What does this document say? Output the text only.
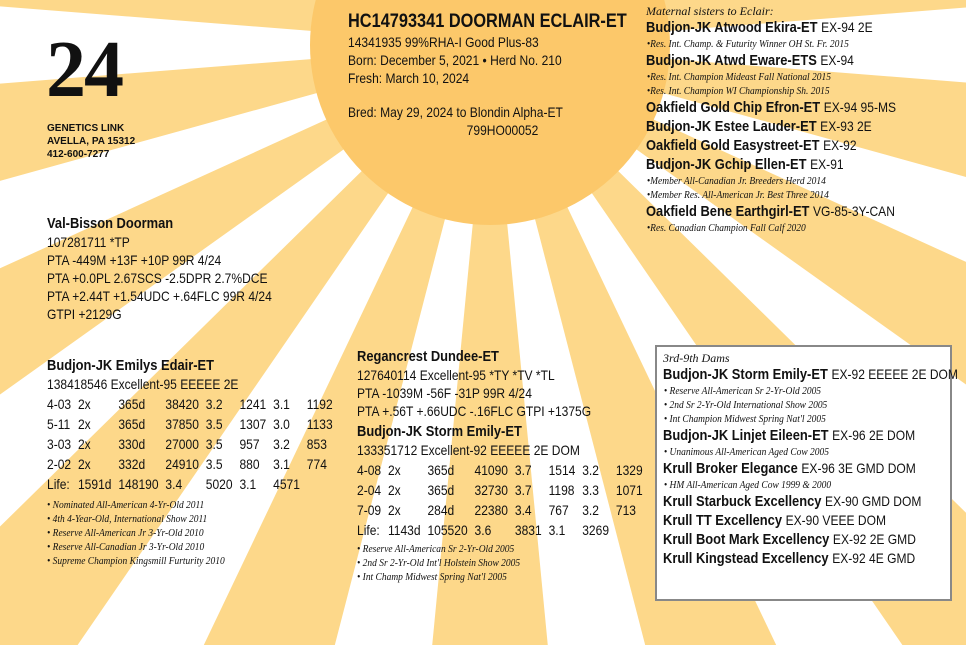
24
GENETICS LINK
AVELLA, PA 15312
412-600-7277
HC14793341 DOORMAN ECLAIR-ET
14341935 99%RHA-I Good Plus-83
Born: December 5, 2021 • Herd No. 210
Fresh: March 10, 2024
Bred: May 29, 2024 to Blondin Alpha-ET
799HO00052
Val-Bisson Doorman
107281711 *TP
PTA -449M +13F +10P 99R 4/24
PTA +0.0PL 2.67SCS -2.5DPR 2.7%DCE
PTA +2.44T +1.54UDC +.64FLC 99R 4/24
GTPI +2129G
Budjon-JK Emilys Edair-ET
138418546 Excellent-95 EEEEE 2E
4-03	2x	365d	38420	3.2	1241	3.1	1192
5-11	2x	365d	37850	3.5	1307	3.0	1133
3-03	2x	330d	27000	3.5	957	3.2	853
2-02	2x	332d	24910	3.5	880	3.1	774
Life:	1591d	148190	3.4	5020	3.1	4571	
• Nominated All-American 4-Yr-Old 2011
• 4th 4-Year-Old, International Show 2011
• Reserve All-American Jr 3-Yr-Old 2010
• Reserve All-Canadian Jr 3-Yr-Old 2010
• Supreme Champion Kingsmill Furturity 2010
Regancrest Dundee-ET
127640114 Excellent-95 *TY *TV *TL
PTA -1039M -56F -31P 99R 4/24
PTA +.56T +.66UDC -.16FLC GTPI +1375G
Budjon-JK Storm Emily-ET
133351712 Excellent-92 EEEEE 2E DOM
4-08	2x	365d	41090	3.7	1514	3.2	1329
2-04	2x	365d	32730	3.7	1198	3.3	1071
7-09	2x	284d	22380	3.4	767	3.2	713
Life:	1143d	105520	3.6	3831	3.1	3269	
• Reserve All-American Sr 2-Yr-Old 2005
• 2nd Sr 2-Yr-Old Int'l Holstein Show 2005
• Int Champ Midwest Spring Nat'l 2005
Maternal sisters to Eclair:
Budjon-JK Atwood Ekira-ET EX-94 2E
•Res. Int. Champ. & Futurity Winner OH St. Fr. 2015
Budjon-JK Atwd Eware-ETS EX-94
•Res. Int. Champion Mideast Fall National 2015
•Res. Int. Champion WI Championship Sh. 2015
Oakfield Gold Chip Efron-ET EX-94 95-MS
Budjon-JK Estee Lauder-ET EX-93 2E
Oakfield Gold Easystreet-ET EX-92
Budjon-JK Gchip Ellen-ET EX-91
•Member All-Canadian Jr. Breeders Herd 2014
•Member Res. All-American Jr. Best Three 2014
Oakfield Bene Earthgirl-ET VG-85-3Y-CAN
•Res. Canadian Champion Fall Calf 2020
3rd-9th Dams
Budjon-JK Storm Emily-ET EX-92 EEEEE 2E DOM
• Reserve All-American Sr 2-Yr-Old 2005
• 2nd Sr 2-Yr-Old International Show 2005
• Int Champion Midwest Spring Nat'l 2005
Budjon-JK Linjet Eileen-ET EX-96 2E DOM
• Unanimous All-American Aged Cow 2005
Krull Broker Elegance EX-96 3E GMD DOM
• HM All-American Aged Cow 1999 & 2000
Krull Starbuck Excellency EX-90 GMD DOM
Krull TT Excellency EX-90 VEEE DOM
Krull Boot Mark Excellency EX-92 2E GMD
Krull Kingstead Excellency EX-92 4E GMD
